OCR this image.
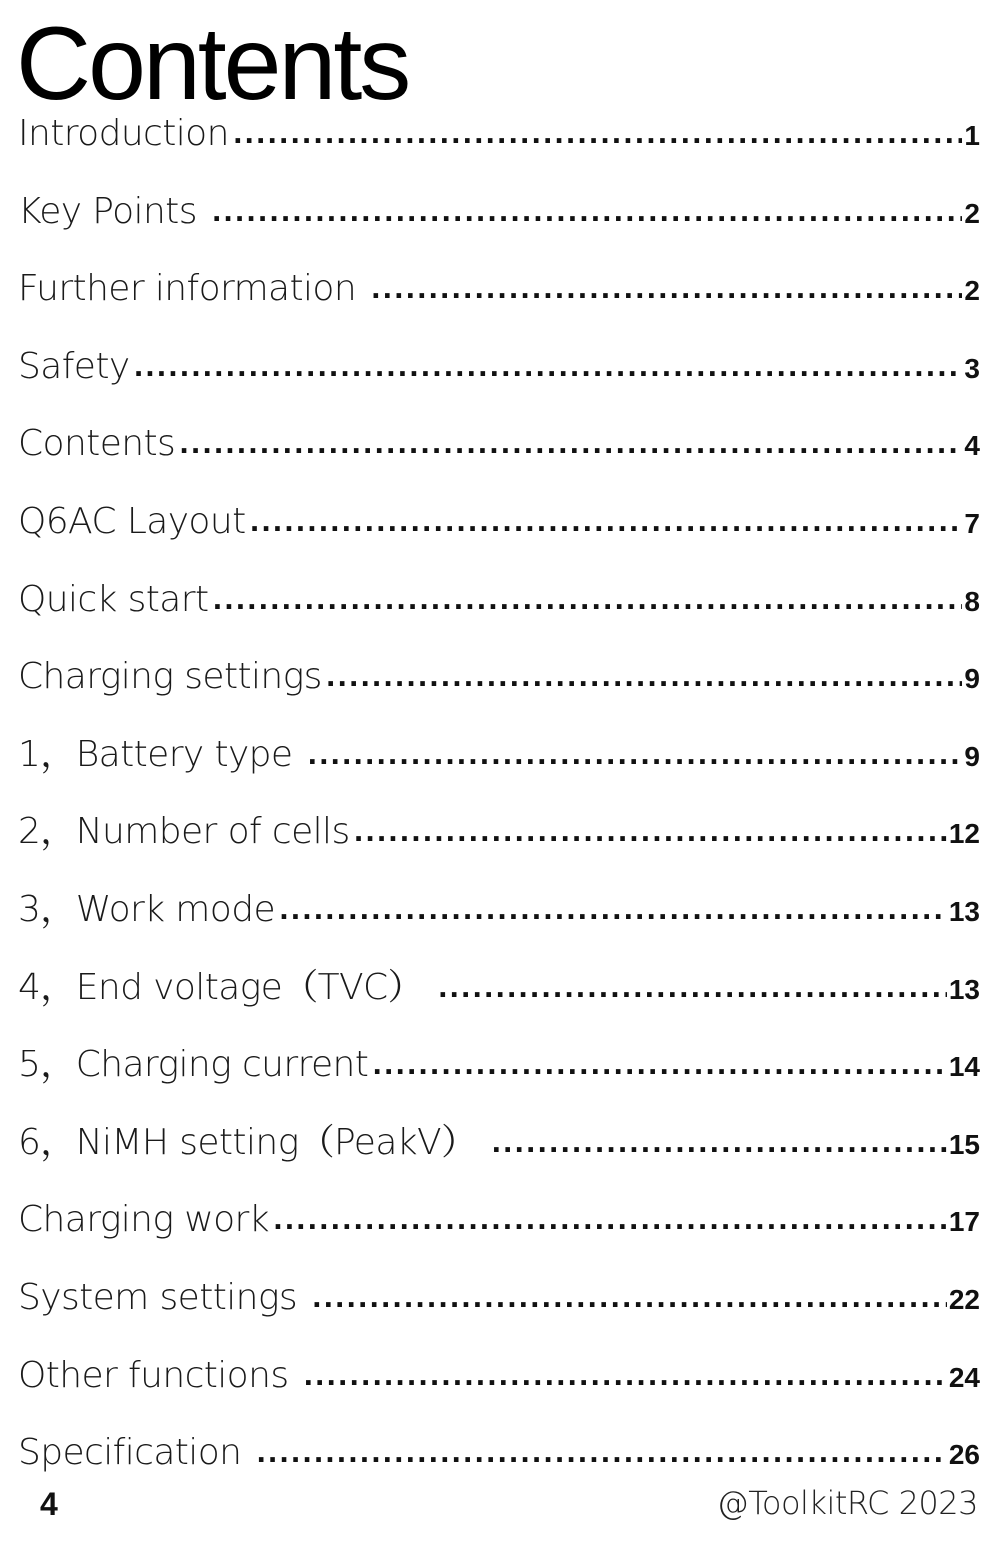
Contents
Introduction .....	1
Key Points .....	2
Further information .....	2
Safety .....	3
Contents .....	4
Q6AC Layout .....	7
Quick start .....	8
Charging settings .....	9
1，Battery type .....	9
2，Number of cells .....	12
3，Work mode .....	13
4，End voltage（TVC） .....	13
5，Charging current .....	14
6，NiMH setting（PeakV） .....	15
Charging work .....	17
System settings .....	22
Other functions .....	24
Specification .....	26
4	@ToolkitRC 2023
